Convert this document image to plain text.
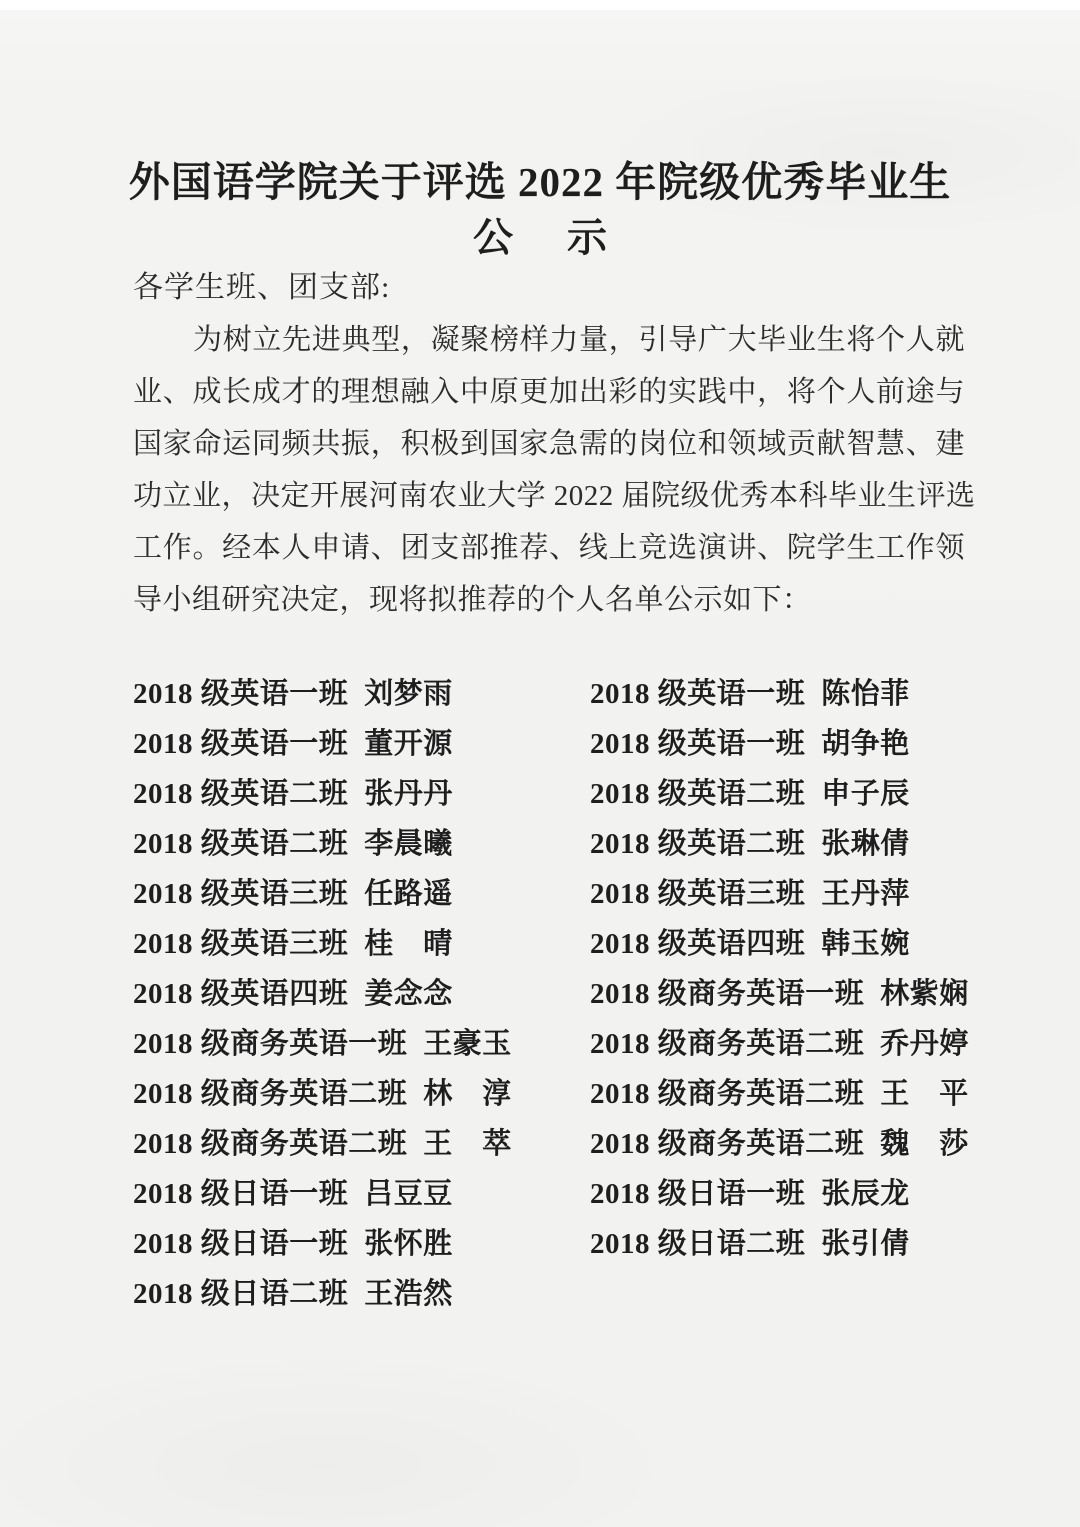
外国语学院关于评选 2022 年院级优秀毕业生
公 示
各学生班、团支部:
为树立先进典型，凝聚榜样力量，引导广大毕业生将个人就
业、成长成才的理想融入中原更加出彩的实践中，将个人前途与
国家命运同频共振，积极到国家急需的岗位和领域贡献智慧、建
功立业，决定开展河南农业大学 2022 届院级优秀本科毕业生评选
工作。经本人申请、团支部推荐、线上竞选演讲、院学生工作领
导小组研究决定，现将拟推荐的个人名单公示如下：
2018 级英语一班 刘梦雨
2018 级英语一班 董开源
2018 级英语二班 张丹丹
2018 级英语二班 李晨曦
2018 级英语三班 任路遥
2018 级英语三班 桂　晴
2018 级英语四班 姜念念
2018 级商务英语一班 王豪玉
2018 级商务英语二班 林　淳
2018 级商务英语二班 王　萃
2018 级日语一班 吕豆豆
2018 级日语一班 张怀胜
2018 级日语二班 王浩然
2018 级英语一班 陈怡菲
2018 级英语一班 胡争艳
2018 级英语二班 申子辰
2018 级英语二班 张琳倩
2018 级英语三班 王丹萍
2018 级英语四班 韩玉婉
2018 级商务英语一班 林紫娴
2018 级商务英语二班 乔丹婷
2018 级商务英语二班 王　平
2018 级商务英语二班 魏　莎
2018 级日语一班 张辰龙
2018 级日语二班 张引倩
